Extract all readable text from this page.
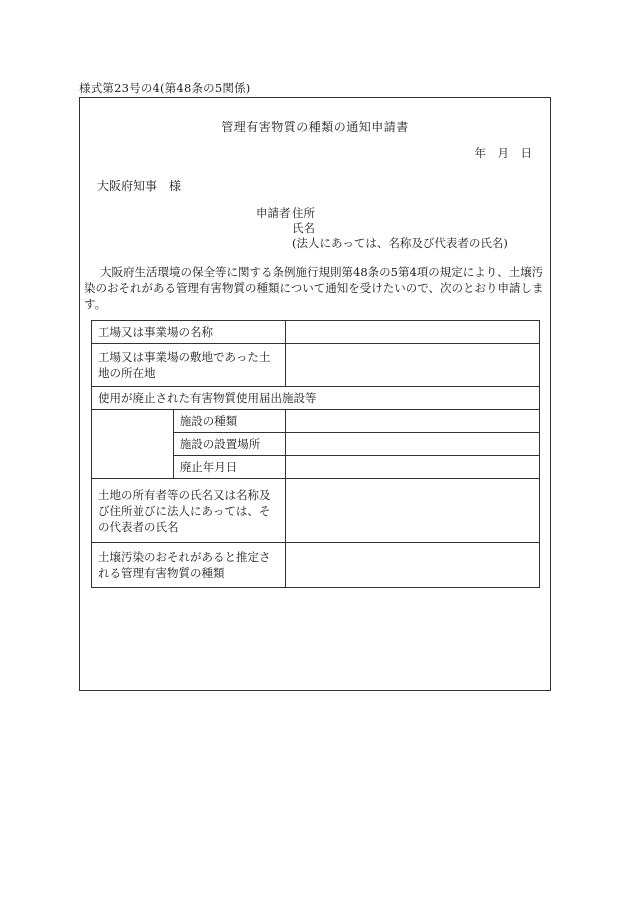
様式第23号の4(第48条の5関係)
管理有害物質の種類の通知申請書
年　月　日
大阪府知事　様
申請者 住所
氏名
(法人にあっては、名称及び代表者の氏名)
大阪府生活環境の保全等に関する条例施行規則第48条の5第4項の規定により、土壌汚染のおそれがある管理有害物質の種類について通知を受けたいので、次のとおり申請します。
工場又は事業場の名称		
工場又は事業場の敷地であった土地の所在地		
使用が廃止された有害物質使用届出施設等		
	施設の種類	
	施設の設置場所	
	廃止年月日	
土地の所有者等の氏名又は名称及び住所並びに法人にあっては、その代表者の氏名		
土壌汚染のおそれがあると推定される管理有害物質の種類		
